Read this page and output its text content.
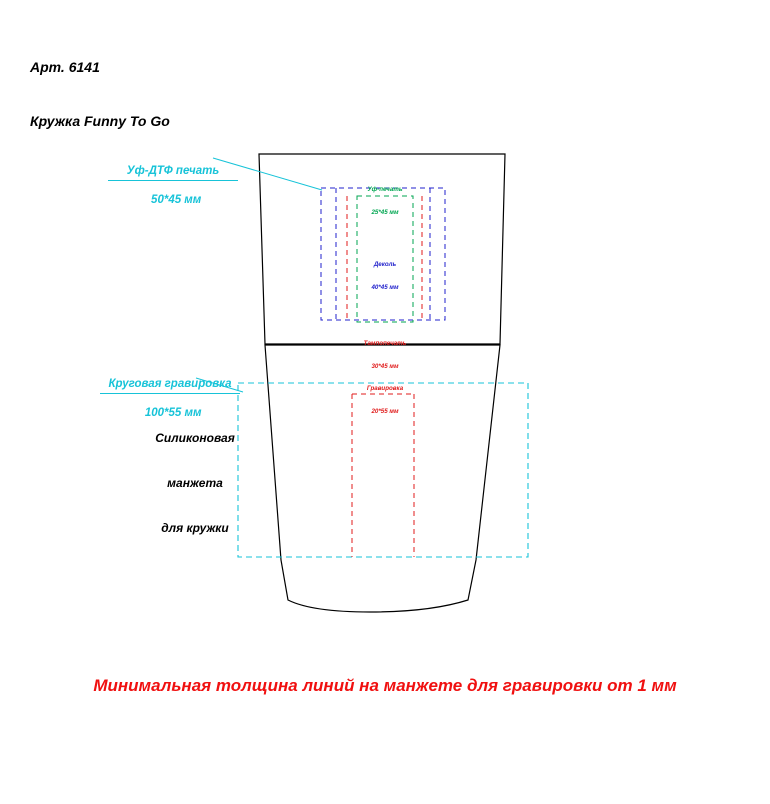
Арт. 6141

Кружка Funny To Go

Уф-ДТФ печать

50*45 мм

Круговая гравировка

100*55 мм

Силиконовая

манжета

для кружки

Уф-печать

25*45 мм

Деколь

40*45 мм

Тампопечать

30*45 мм

Гравировка

20*55 мм

Минимальная толщина линий на манжете для гравировки от 1 мм
